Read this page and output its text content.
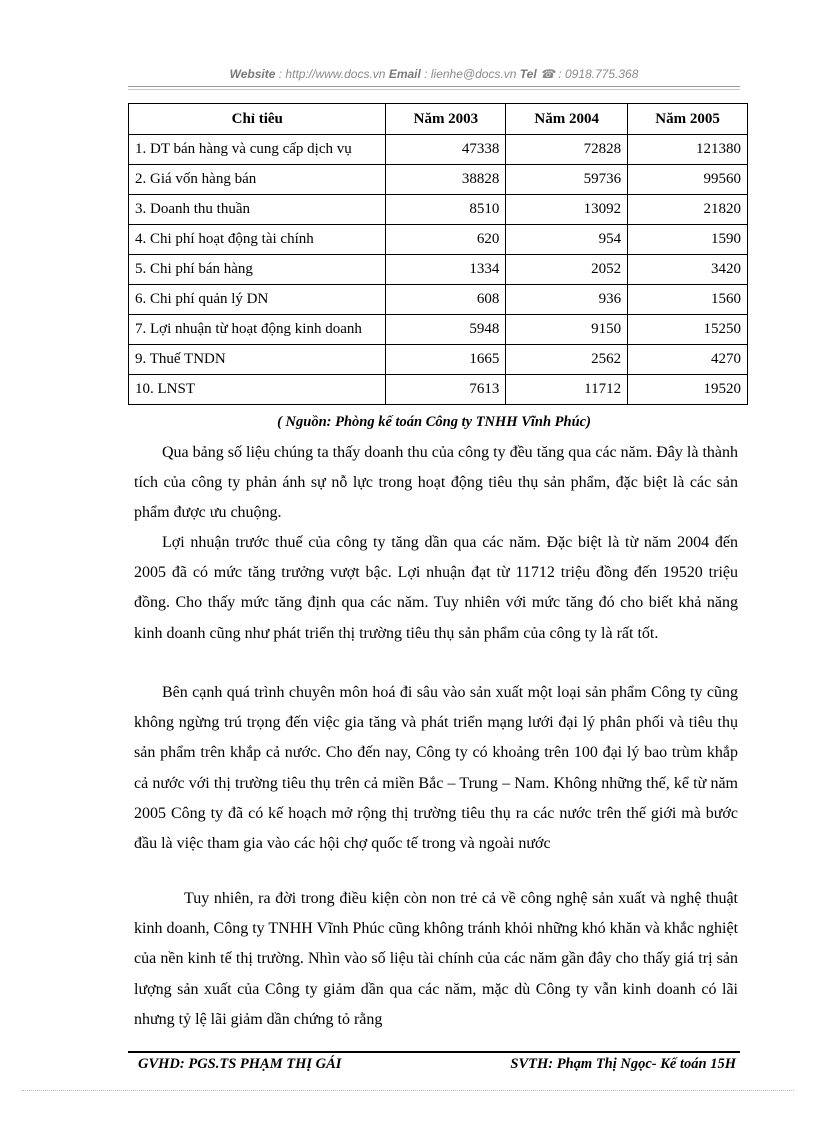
Website : http://www.docs.vn Email : lienhe@docs.vn Tel ☎ : 0918.775.368
Chỉ tiêu	Năm 2003	Năm 2004	Năm 2005
1. DT bán hàng và cung cấp dịch vụ	47338	72828	121380
2. Giá vốn hàng bán	38828	59736	99560
3. Doanh thu thuần	8510	13092	21820
4. Chi phí hoạt động tài chính	620	954	1590
5. Chi phí bán hàng	1334	2052	3420
6. Chi phí quản lý DN	608	936	1560
7. Lợi nhuận từ hoạt động kinh doanh	5948	9150	15250
9. Thuế TNDN	1665	2562	4270
10. LNST	7613	11712	19520
( Nguồn: Phòng kế toán Công ty TNHH Vĩnh Phúc)

Qua bảng số liệu chúng ta thấy doanh thu của công ty đều tăng qua các năm. Đây là thành tích của công ty phản ánh sự nỗ lực trong hoạt động tiêu thụ sản phẩm, đặc biệt là các sản phẩm được ưu chuộng.

Lợi nhuận trước thuế của công ty tăng dần qua các năm. Đặc biệt là từ năm 2004 đến 2005 đã có mức tăng trưởng vượt bậc. Lợi nhuận đạt từ 11712 triệu đồng đến 19520 triệu đồng. Cho thấy mức tăng định qua các năm. Tuy nhiên với mức tăng đó cho biết khả năng kinh doanh cũng như phát triển thị trường tiêu thụ sản phẩm của công ty là rất tốt.

Bên cạnh quá trình chuyên môn hoá đi sâu vào sản xuất một loại sản phẩm Công ty cũng không ngừng trú trọng đến việc gia tăng và phát triển mạng lưới đại lý phân phối và tiêu thụ sản phẩm trên khắp cả nước. Cho đến nay, Công ty có khoảng trên 100 đại lý bao trùm khắp cả nước với thị trường tiêu thụ trên cả miền Bắc – Trung – Nam. Không những thế, kể từ năm 2005 Công ty đã có kế hoạch mở rộng thị trường tiêu thụ ra các nước trên thế giới mà bước đầu là việc tham gia vào các hội chợ quốc tế trong và ngoài nước

Tuy nhiên, ra đời trong điều kiện còn non trẻ cả về công nghệ sản xuất và nghệ thuật kinh doanh, Công ty TNHH Vĩnh Phúc cũng không tránh khỏi những khó khăn và khắc nghiệt của nền kinh tế thị trường. Nhìn vào số liệu tài chính của các năm gần đây cho thấy giá trị sản lượng sản xuất của Công ty giảm dần qua các năm, mặc dù Công ty vẫn kinh doanh có lãi nhưng tỷ lệ lãi giảm dần chứng tỏ rằng

GVHD: PGS.TS PHẠM THỊ GÁI	SVTH: Phạm Thị Ngọc- Kế toán 15H
